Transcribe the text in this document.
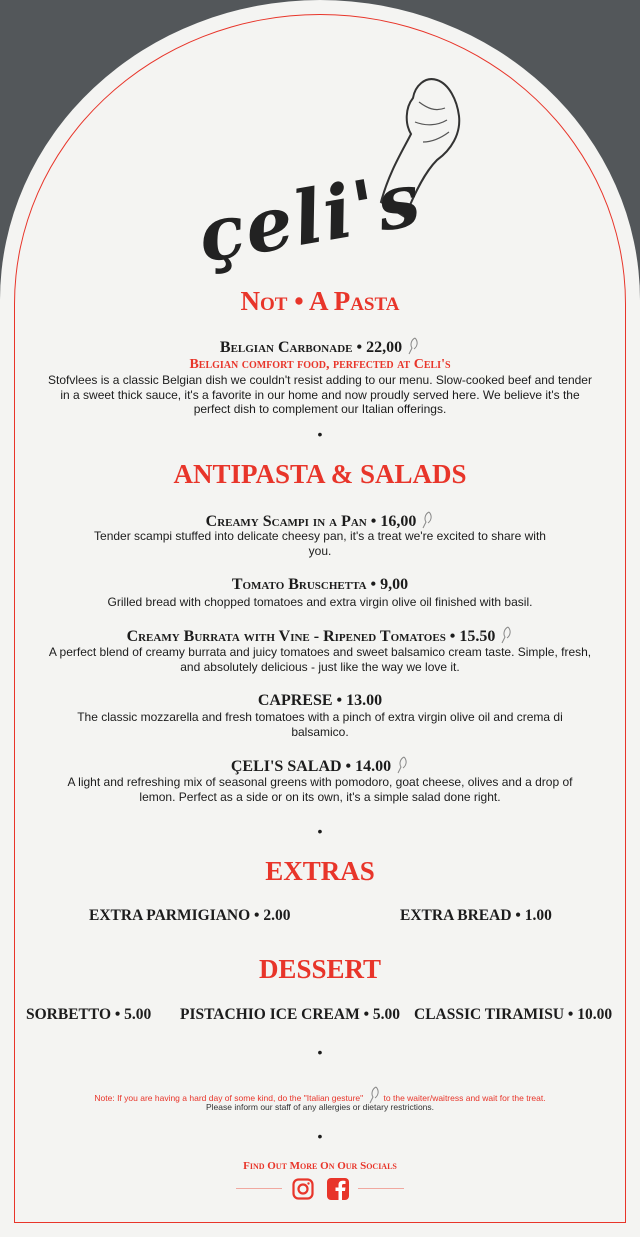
çeli's
Not • A Pasta
Belgian Carbonade • 22,00
Belgian comfort food, perfected at Celi's
Stofvlees is a classic Belgian dish we couldn't resist adding to our menu. Slow-cooked beef and tender in a sweet thick sauce, it's a favorite in our home and now proudly served here. We believe it's the perfect dish to complement our Italian offerings.
•
ANTIPASTA & SALADS
Creamy Scampi in a Pan • 16,00
Tender scampi stuffed into delicate cheesy pan, it's a treat we're excited to share with you.
Tomato Bruschetta • 9,00
Grilled bread with chopped tomatoes and extra virgin olive oil finished with basil.
Creamy Burrata with Vine - Ripened Tomatoes • 15.50
A perfect blend of creamy burrata and juicy tomatoes and sweet balsamico cream taste. Simple, fresh, and absolutely delicious - just like the way we love it.
CAPRESE • 13.00
The classic mozzarella and fresh tomatoes with a pinch of extra virgin olive oil and crema di balsamico.
ÇELI'S SALAD • 14.00
A light and refreshing mix of seasonal greens with pomodoro, goat cheese, olives and a drop of lemon. Perfect as a side or on its own, it's a simple salad done right.
•
EXTRAS
EXTRA PARMIGIANO • 2.00	EXTRA BREAD • 1.00
DESSERT
SORBETTO • 5.00 PISTACHIO ICE CREAM • 5.00 CLASSIC TIRAMISU • 10.00
•
Note: If you are having a hard day of some kind, do the "Italian gesture" to the waiter/waitress and wait for the treat.
Please inform our staff of any allergies or dietary restrictions.
•
Find Out More On Our Socials
